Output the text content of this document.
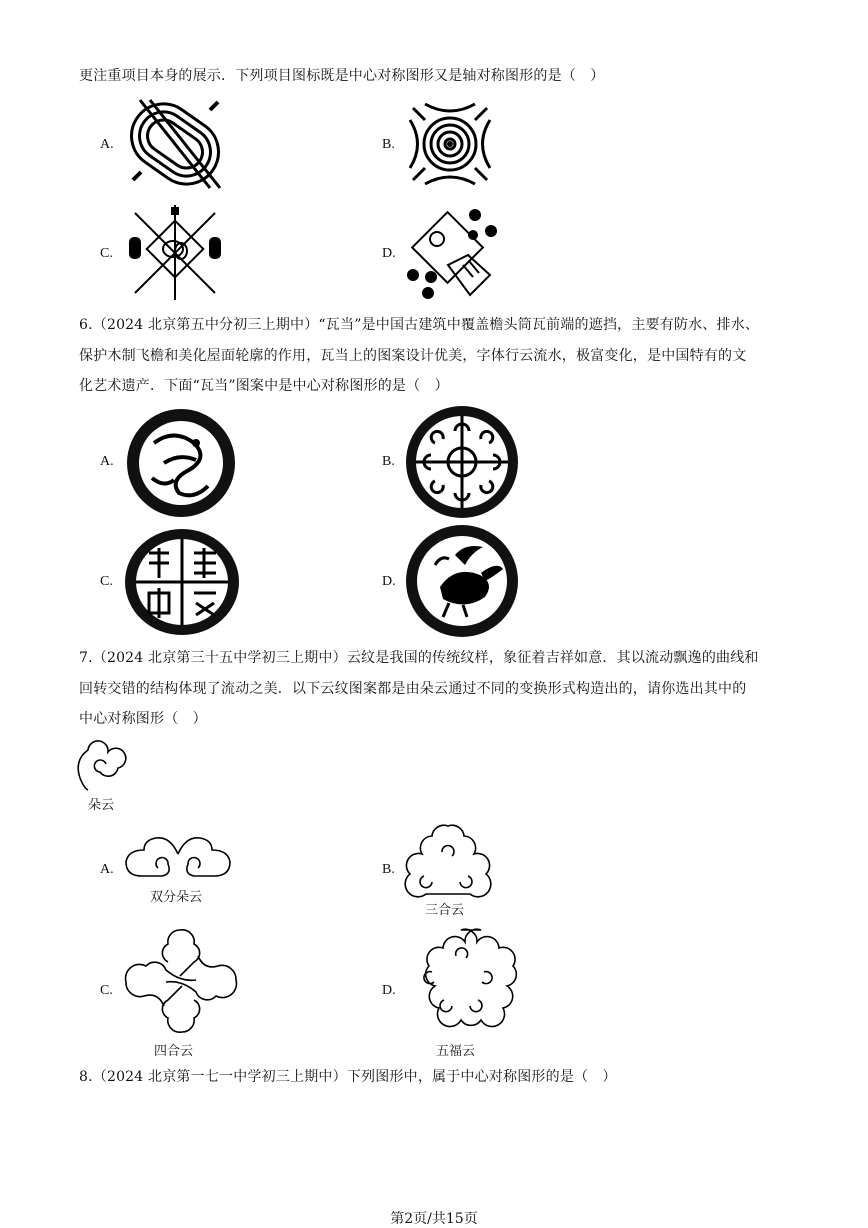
更注重项目本身的展示．下列项目图标既是中心对称图形又是轴对称图形的是（　）
A.	B.
C.	D.
6.（2024 北京第五中分初三上期中）“瓦当”是中国古建筑中覆盖檐头筒瓦前端的遮挡，主要有防水、排水、
保护木制飞檐和美化屋面轮廓的作用，瓦当上的图案设计优美，字体行云流水，极富变化，是中国特有的文
化艺术遗产．下面“瓦当”图案中是中心对称图形的是（　）
A.	B.
C.	D.
7.（2024 北京第三十五中学初三上期中）云纹是我国的传统纹样，象征着吉祥如意．其以流动飘逸的曲线和
回转交错的结构体现了流动之美．以下云纹图案都是由朵云通过不同的变换形式构造出的，请你选出其中的
中心对称图形（　）
朵云
A.
双分朵云
B.
三合云
C.
四合云
D.
五福云
8.（2024 北京第一七一中学初三上期中）下列图形中，属于中心对称图形的是（　）
第2页/共15页
